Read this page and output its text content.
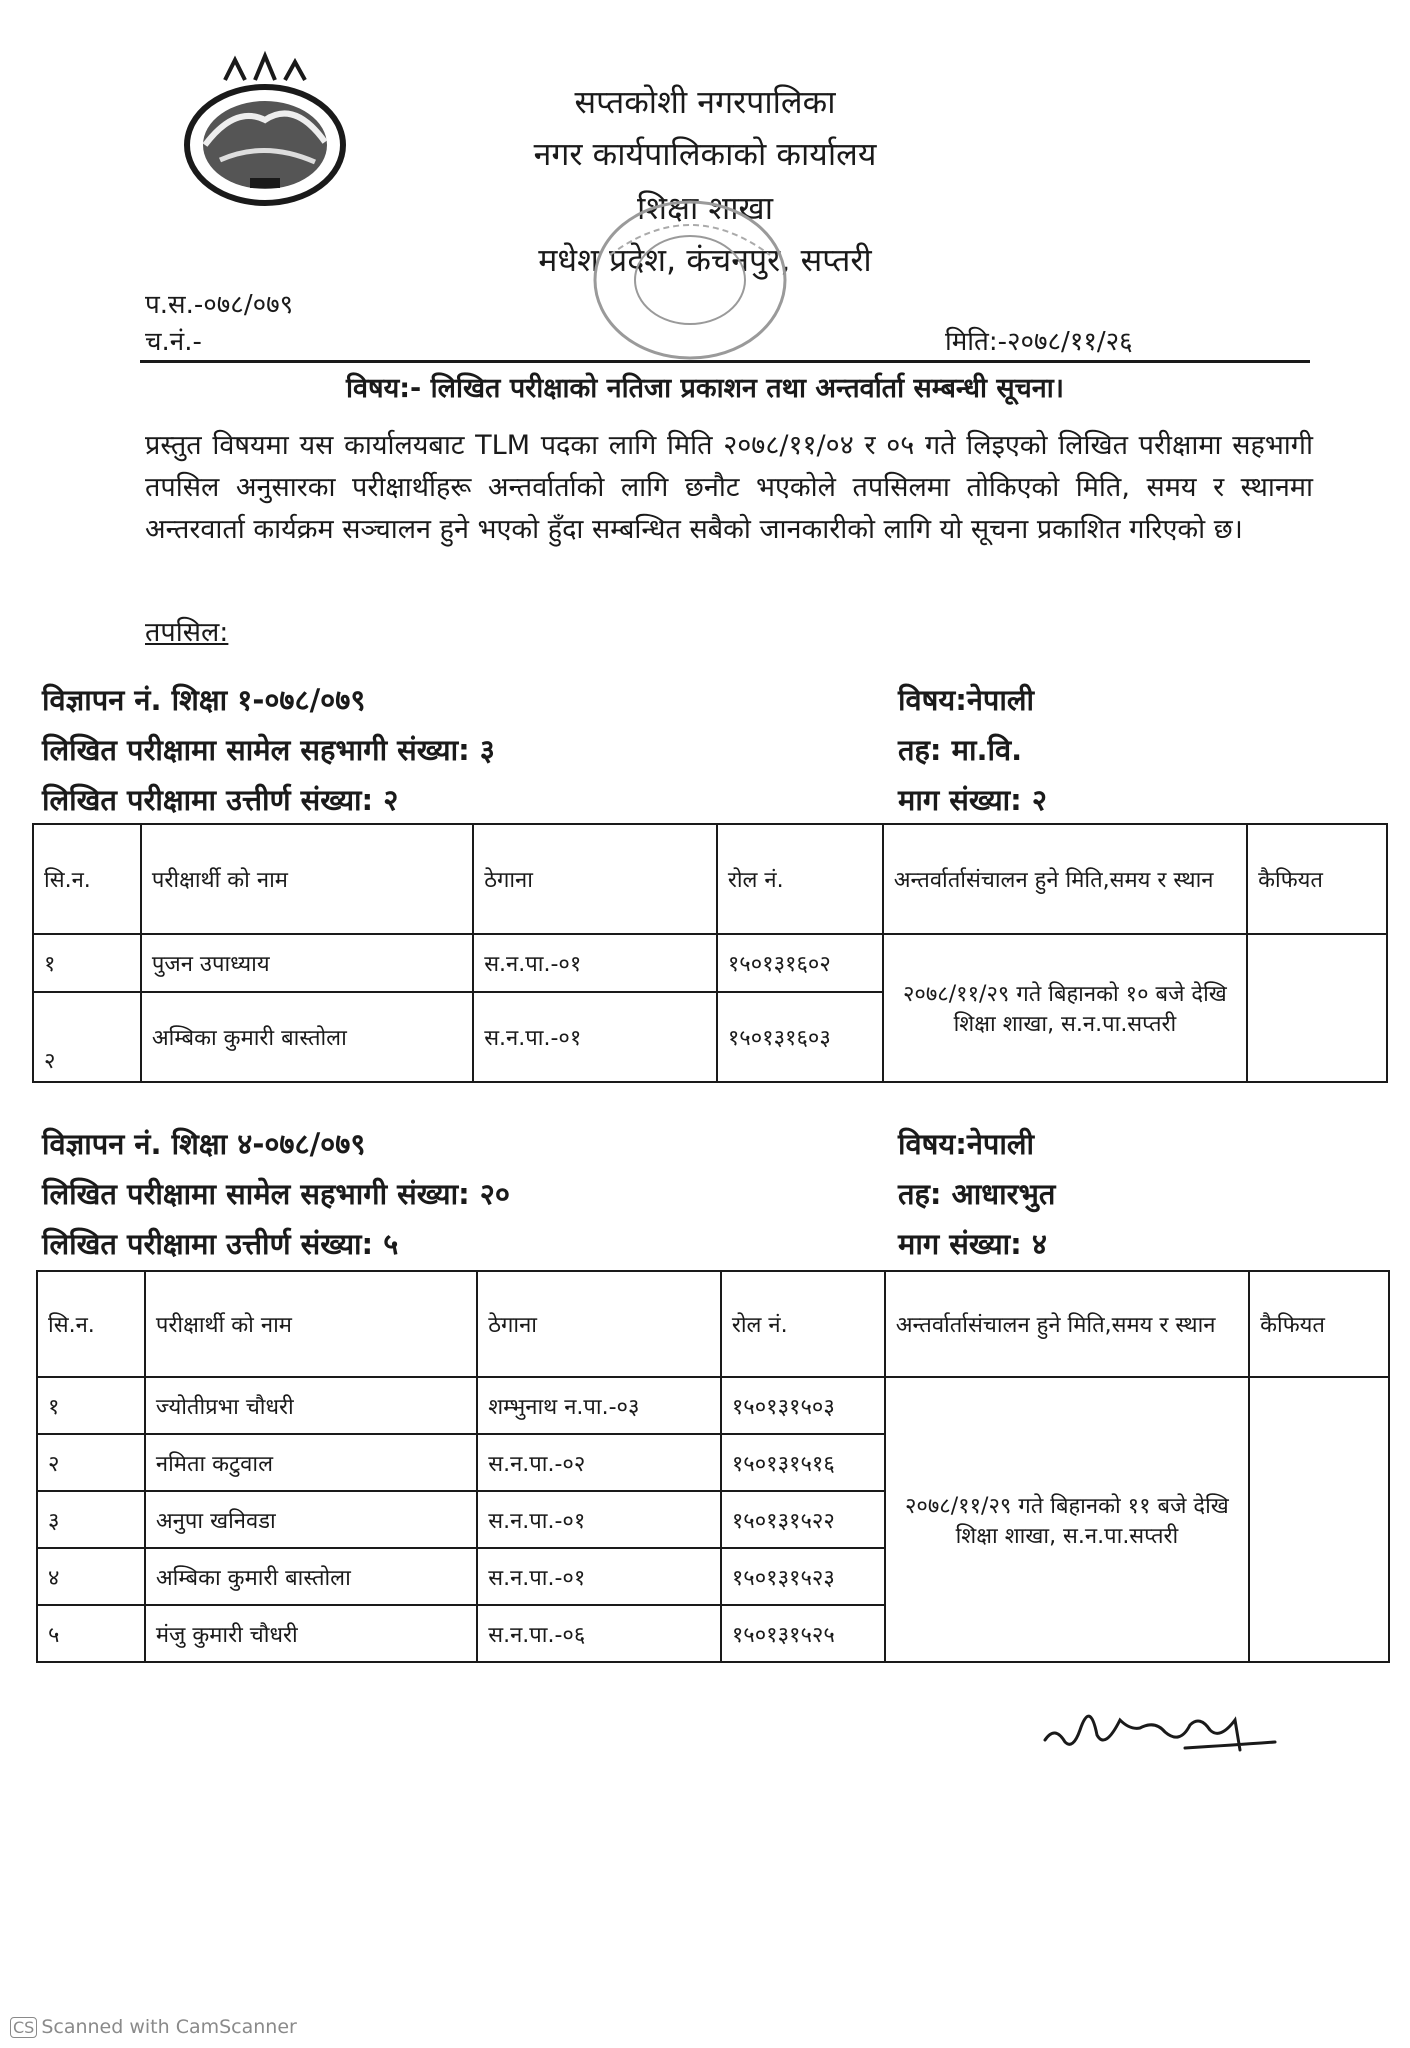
सप्तकोशी नगरपालिका
नगर कार्यपालिकाको कार्यालय
शिक्षा शाखा
मधेश प्रदेश, कंचनपुर, सप्तरी
प.स.-०७८/०७९
च.नं.-	मिति:-२०७८/११/२६
विषय:- लिखित परीक्षाको नतिजा प्रकाशन तथा अन्तर्वार्ता सम्बन्धी सूचना।
प्रस्तुत विषयमा यस कार्यालयबाट TLM पदका लागि मिति २०७८/११/०४ र ०५ गते लिइएको लिखित परीक्षामा सहभागी तपसिल अनुसारका परीक्षार्थीहरू अन्तर्वार्ताको लागि छनौट भएकोले तपसिलमा तोकिएको मिति, समय र स्थानमा अन्तरवार्ता कार्यक्रम सञ्चालन हुने भएको हुँदा सम्बन्धित सबैको जानकारीको लागि यो सूचना प्रकाशित गरिएको छ।
तपसिल:
विज्ञापन नं. शिक्षा १-०७८/०७९
लिखित परीक्षामा सामेल सहभागी संख्या: ३
लिखित परीक्षामा उत्तीर्ण संख्या: २
विषय:नेपाली
तह: मा.वि.
माग संख्या: २
सि.न.	परीक्षार्थी को नाम	ठेगाना	रोल नं.	अन्तर्वार्तासंचालन हुने मिति,समय र स्थान	कैफियत
१	पुजन उपाध्याय	स.न.पा.-०१	१५०१३१६०२	२०७८/११/२९ गते बिहानको १० बजे देखि शिक्षा शाखा, स.न.पा.सप्तरी	
२	अम्बिका कुमारी बास्तोला	स.न.पा.-०१	१५०१३१६०३		
विज्ञापन नं. शिक्षा ४-०७८/०७९
लिखित परीक्षामा सामेल सहभागी संख्या: २०
लिखित परीक्षामा उत्तीर्ण संख्या: ५
विषय:नेपाली
तह: आधारभुत
माग संख्या: ४
सि.न.	परीक्षार्थी को नाम	ठेगाना	रोल नं.	अन्तर्वार्तासंचालन हुने मिति,समय र स्थान	कैफियत
१	ज्योतीप्रभा चौधरी	शम्भुनाथ न.पा.-०३	१५०१३१५०३	२०७८/११/२९ गते बिहानको ११ बजे देखि शिक्षा शाखा, स.न.पा.सप्तरी	
२	नमिता कटुवाल	स.न.पा.-०२	१५०१३१५१६		
३	अनुपा खनिवडा	स.न.पा.-०१	१५०१३१५२२		
४	अम्बिका कुमारी बास्तोला	स.न.पा.-०१	१५०१३१५२३		
५	मंजु कुमारी चौधरी	स.न.पा.-०६	१५०१३१५२५		
CS Scanned with CamScanner
